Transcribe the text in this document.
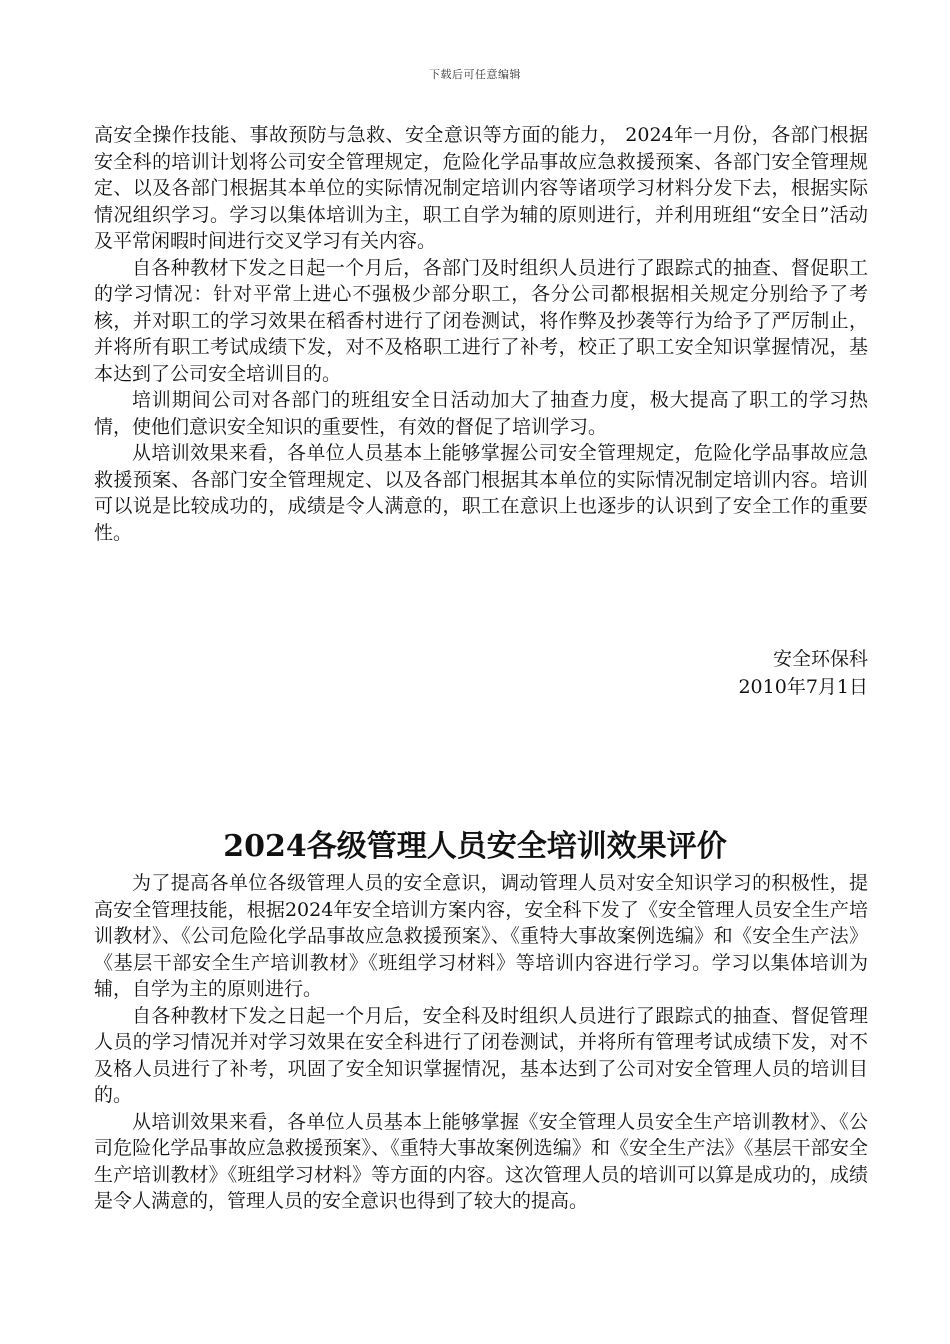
下载后可任意编辑

高安全操作技能、事故预防与急救、安全意识等方面的能力， 2024年一月份，各部门根据安全科的培训计划将公司安全管理规定，危险化学品事故应急救援预案、各部门安全管理规定、以及各部门根据其本单位的实际情况制定培训内容等诸项学习材料分发下去，根据实际情况组织学习。学习以集体培训为主，职工自学为辅的原则进行，并利用班组“安全日”活动及平常闲暇时间进行交叉学习有关内容。

自各种教材下发之日起一个月后，各部门及时组织人员进行了跟踪式的抽查、督促职工的学习情况：针对平常上进心不强极少部分职工，各分公司都根据相关规定分别给予了考核，并对职工的学习效果在稻香村进行了闭卷测试，将作弊及抄袭等行为给予了严厉制止，并将所有职工考试成绩下发，对不及格职工进行了补考，校正了职工安全知识掌握情况，基本达到了公司安全培训目的。

培训期间公司对各部门的班组安全日活动加大了抽查力度，极大提高了职工的学习热情，使他们意识安全知识的重要性，有效的督促了培训学习。

从培训效果来看，各单位人员基本上能够掌握公司安全管理规定，危险化学品事故应急救援预案、各部门安全管理规定、以及各部门根据其本单位的实际情况制定培训内容。培训可以说是比较成功的，成绩是令人满意的，职工在意识上也逐步的认识到了安全工作的重要性。

安全环保科
2010年7月1日
2024各级管理人员安全培训效果评价

为了提高各单位各级管理人员的安全意识，调动管理人员对安全知识学习的积极性，提高安全管理技能，根据2024年安全培训方案内容，安全科下发了《安全管理人员安全生产培训教材》、《公司危险化学品事故应急救援预案》、《重特大事故案例选编》和《安全生产法》《基层干部安全生产培训教材》《班组学习材料》等培训内容进行学习。学习以集体培训为辅，自学为主的原则进行。

自各种教材下发之日起一个月后，安全科及时组织人员进行了跟踪式的抽查、督促管理人员的学习情况并对学习效果在安全科进行了闭卷测试，并将所有管理考试成绩下发，对不及格人员进行了补考，巩固了安全知识掌握情况，基本达到了公司对安全管理人员的培训目的。

从培训效果来看，各单位人员基本上能够掌握《安全管理人员安全生产培训教材》、《公司危险化学品事故应急救援预案》、《重特大事故案例选编》和《安全生产法》《基层干部安全生产培训教材》《班组学习材料》等方面的内容。这次管理人员的培训可以算是成功的，成绩是令人满意的，管理人员的安全意识也得到了较大的提高。
